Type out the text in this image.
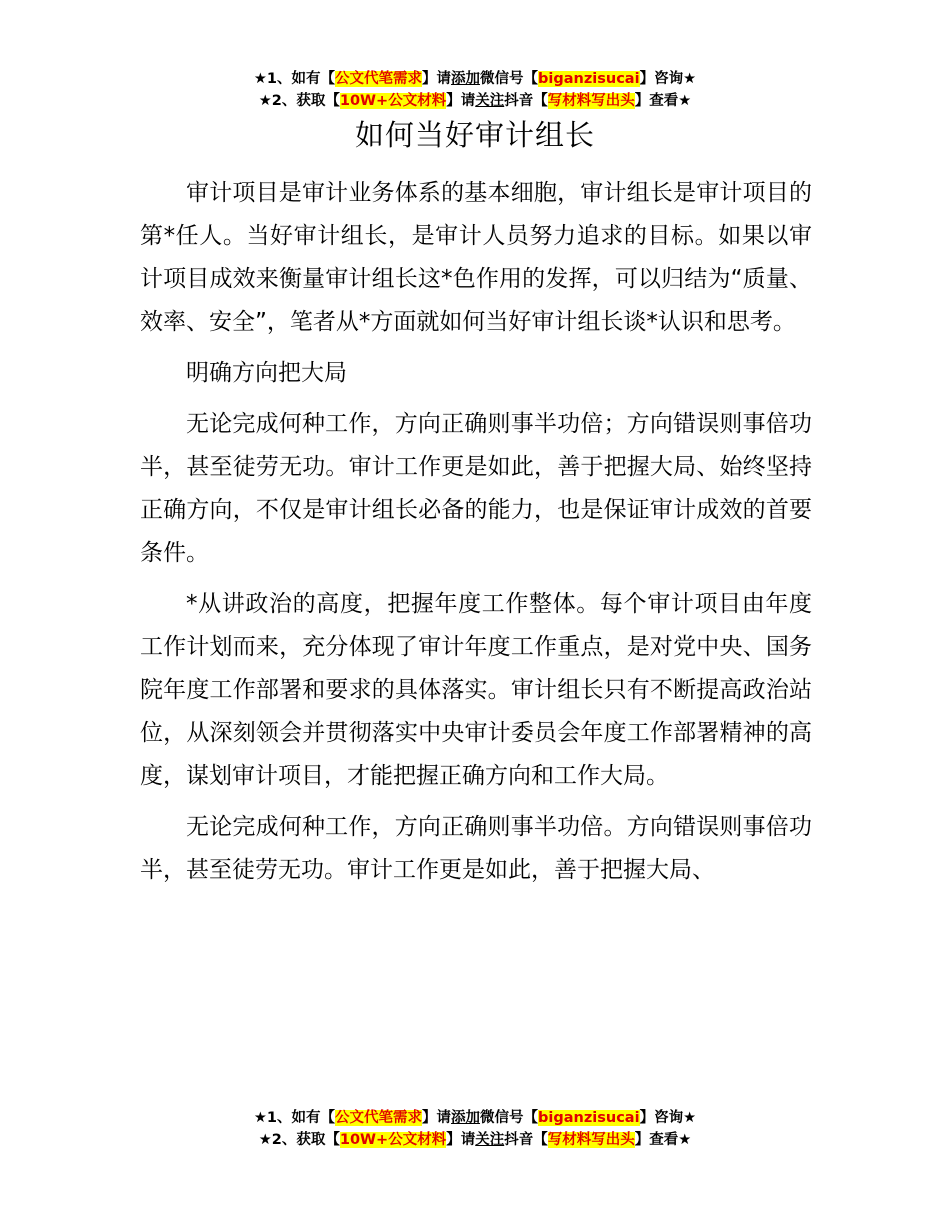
★1、如有【公文代笔需求】请添加微信号【biganzisucai】咨询★
★2、获取【10W+公文材料】请关注抖音【写材料写出头】查看★
如何当好审计组长

审计项目是审计业务体系的基本细胞，审计组长是审计项目的第*任人。当好审计组长，是审计人员努力追求的目标。如果以审计项目成效来衡量审计组长这*色作用的发挥，可以归结为“质量、效率、安全”，笔者从*方面就如何当好审计组长谈*认识和思考。

明确方向把大局

无论完成何种工作，方向正确则事半功倍；方向错误则事倍功半，甚至徒劳无功。审计工作更是如此，善于把握大局、始终坚持正确方向，不仅是审计组长必备的能力，也是保证审计成效的首要条件。

*从讲政治的高度，把握年度工作整体。每个审计项目由年度工作计划而来，充分体现了审计年度工作重点，是对党中央、国务院年度工作部署和要求的具体落实。审计组长只有不断提高政治站位，从深刻领会并贯彻落实中央审计委员会年度工作部署精神的高度，谋划审计项目，才能把握正确方向和工作大局。

无论完成何种工作，方向正确则事半功倍。方向错误则事倍功半，甚至徒劳无功。审计工作更是如此，善于把握大局、

★1、如有【公文代笔需求】请添加微信号【biganzisucai】咨询★
★2、获取【10W+公文材料】请关注抖音【写材料写出头】查看★
